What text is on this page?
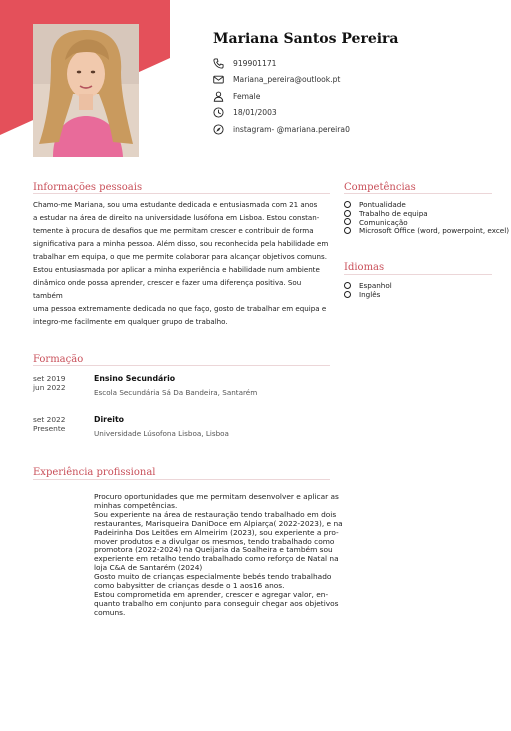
Mariana Santos Pereira
919901171
Mariana_pereira@outlook.pt
Female
18/01/2003
instagram- @mariana.pereira0
Informações pessoais

Chamo-me Mariana, sou uma estudante dedicada e entusiasmada com 21 anos

a estudar na área de direito na universidade lusófona em Lisboa. Estou constan-

temente à procura de desafios que me permitam crescer e contribuir de forma

significativa para a minha pessoa. Além disso, sou reconhecida pela habilidade em

trabalhar em equipa, o que me permite colaborar para alcançar objetivos comuns.

Estou entusiasmada por aplicar a minha experiência e habilidade num ambiente

dinâmico onde possa aprender, crescer e fazer uma diferença positiva. Sou também

uma pessoa extremamente dedicada no que faço, gosto de trabalhar em equipa e

integro-me facilmente em qualquer grupo de trabalho.

Competências
Pontualidade
Trabalho de equipa
Comunicação
Microsoft Office (word, powerpoint, excel)
Idiomas
Espanhol
Inglês
Formação
set 2019
jun 2022
Ensino Secundário
Escola Secundária Sá Da Bandeira, Santarém
set 2022
Presente
Direito
Universidade Lúsofona Lisboa, Lisboa
Experiência profissional

Procuro oportunidades que me permitam desenvolver e aplicar as

minhas competências.

Sou experiente na área de restauração tendo trabalhado em dois

restaurantes, Marisqueira DaniDoce em Alpiarça( 2022-2023), e na

Padeirinha Dos Leitões em Almeirim (2023), sou experiente a pro-

mover produtos e a divulgar os mesmos, tendo trabalhado como

promotora (2022-2024) na Queijaria da Soalheira e também sou

experiente em retalho tendo trabalhado como reforço de Natal na

loja C&A de Santarém (2024)

Gosto muito de crianças especialmente bebés tendo trabalhado

como babysitter de crianças desde o 1 aos16 anos.

Estou comprometida em aprender, crescer e agregar valor, en-

quanto trabalho em conjunto para conseguir chegar aos objetivos

comuns.
